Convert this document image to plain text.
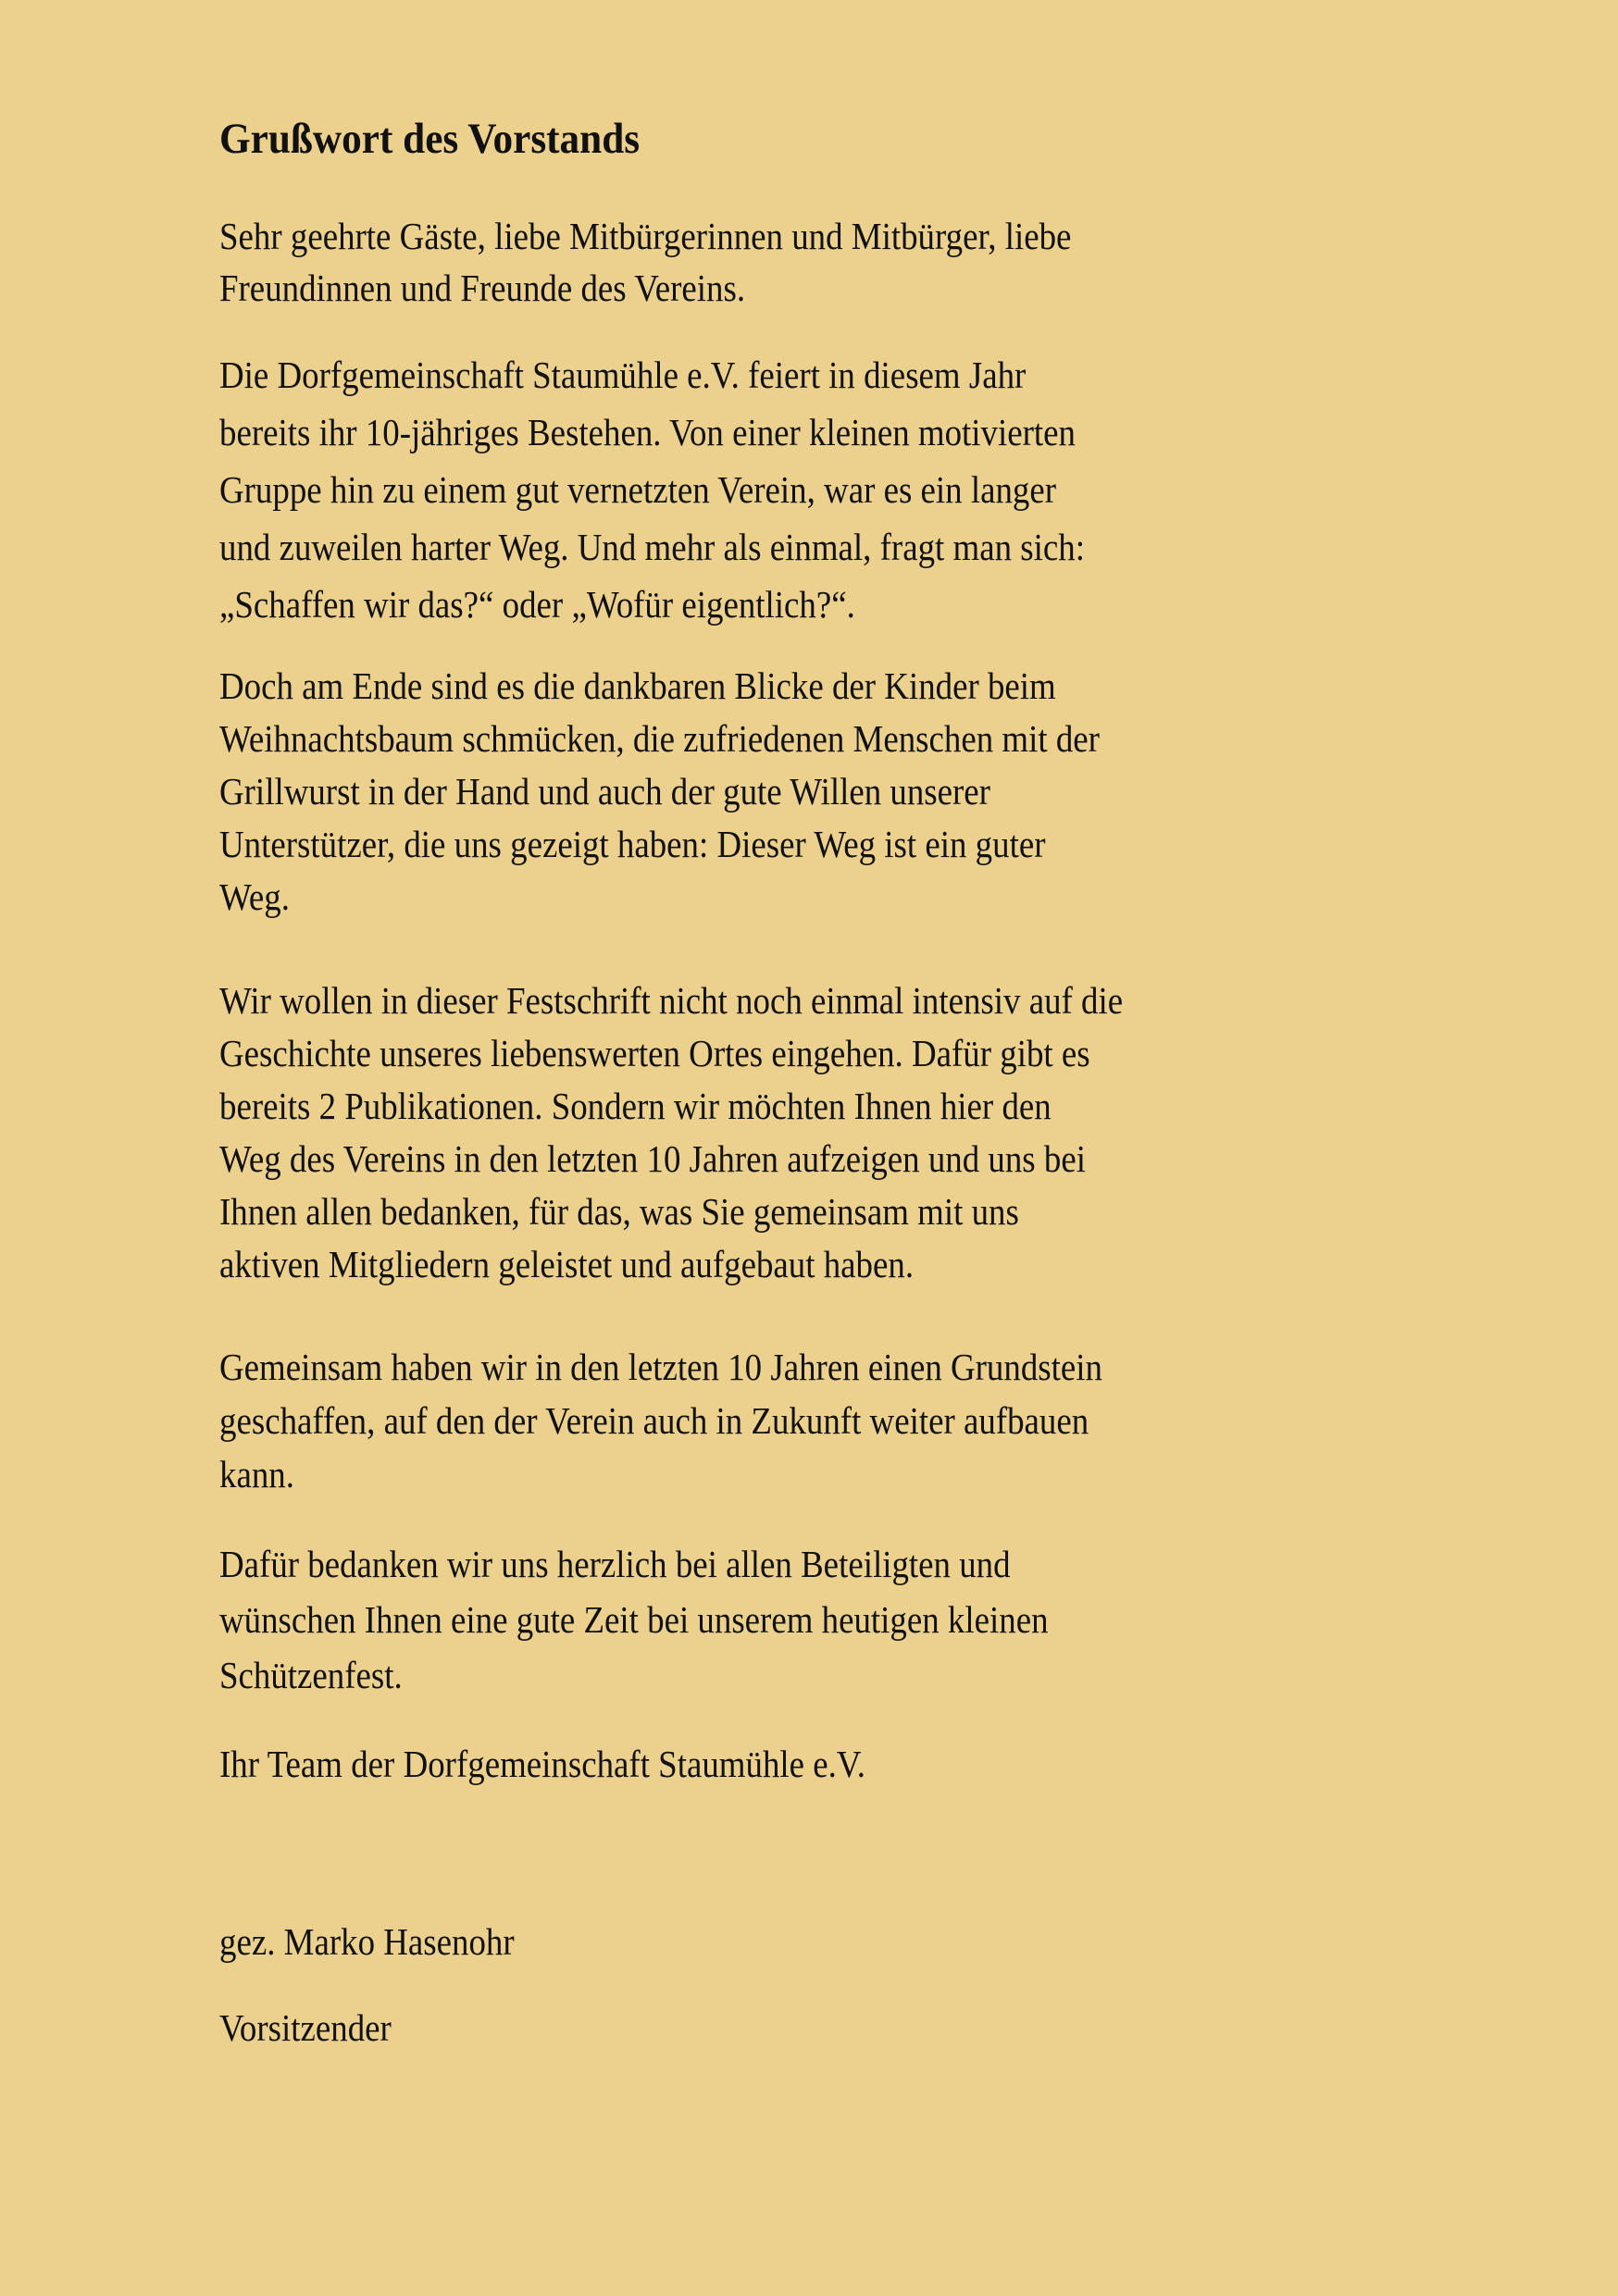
Grußwort des Vorstands
Sehr geehrte Gäste, liebe Mitbürgerinnen und Mitbürger, liebe
Freundinnen und Freunde des Vereins.
Die Dorfgemeinschaft Staumühle e.V. feiert in diesem Jahr
bereits ihr 10-jähriges Bestehen. Von einer kleinen motivierten
Gruppe hin zu einem gut vernetzten Verein, war es ein langer
und zuweilen harter Weg. Und mehr als einmal, fragt man sich:
„Schaffen wir das?“ oder „Wofür eigentlich?“.
Doch am Ende sind es die dankbaren Blicke der Kinder beim
Weihnachtsbaum schmücken, die zufriedenen Menschen mit der
Grillwurst in der Hand und auch der gute Willen unserer
Unterstützer, die uns gezeigt haben: Dieser Weg ist ein guter
Weg.
Wir wollen in dieser Festschrift nicht noch einmal intensiv auf die
Geschichte unseres liebenswerten Ortes eingehen. Dafür gibt es
bereits 2 Publikationen. Sondern wir möchten Ihnen hier den
Weg des Vereins in den letzten 10 Jahren aufzeigen und uns bei
Ihnen allen bedanken, für das, was Sie gemeinsam mit uns
aktiven Mitgliedern geleistet und aufgebaut haben.
Gemeinsam haben wir in den letzten 10 Jahren einen Grundstein
geschaffen, auf den der Verein auch in Zukunft weiter aufbauen
kann.
Dafür bedanken wir uns herzlich bei allen Beteiligten und
wünschen Ihnen eine gute Zeit bei unserem heutigen kleinen
Schützenfest.
Ihr Team der Dorfgemeinschaft Staumühle e.V.
gez. Marko Hasenohr
Vorsitzender
